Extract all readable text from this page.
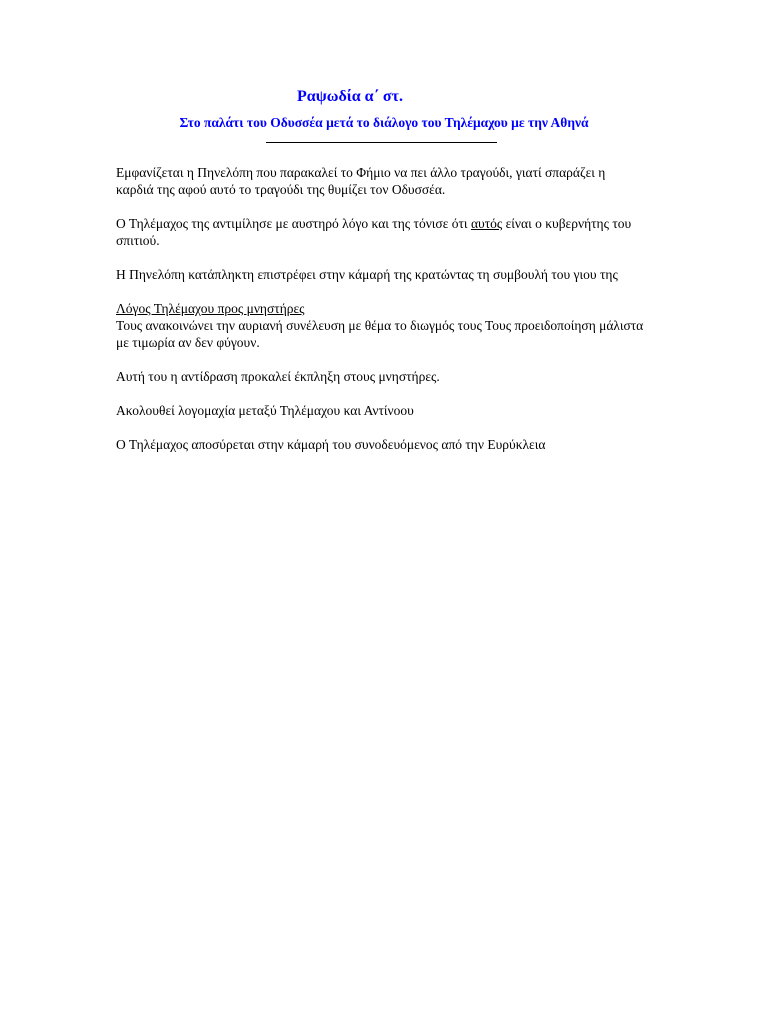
Ραψωδία α΄ στ.
Στο παλάτι του Οδυσσέα μετά το διάλογο του Τηλέμαχου με την Αθηνά

Εμφανίζεται η Πηνελόπη που παρακαλεί το Φήμιο να πει άλλο τραγούδι, γιατί σπαράζει η καρδιά της αφού αυτό το τραγούδι της θυμίζει τον Οδυσσέα.

Ο Τηλέμαχος της αντιμίλησε με αυστηρό λόγο και της τόνισε ότι αυτός είναι ο κυβερνήτης του σπιτιού.

Η Πηνελόπη κατάπληκτη επιστρέφει στην κάμαρή της κρατώντας τη συμβουλή του γιου της

Λόγος Τηλέμαχου προς μνηστήρες

Τους ανακοινώνει την αυριανή συνέλευση με θέμα το διωγμός τους Τους προειδοποίηση μάλιστα με τιμωρία αν δεν φύγουν.

Αυτή του η αντίδραση προκαλεί έκπληξη στους μνηστήρες.

Ακολουθεί λογομαχία μεταξύ Τηλέμαχου και Αντίνοου

Ο Τηλέμαχος αποσύρεται στην κάμαρή του συνοδευόμενος από την Ευρύκλεια
